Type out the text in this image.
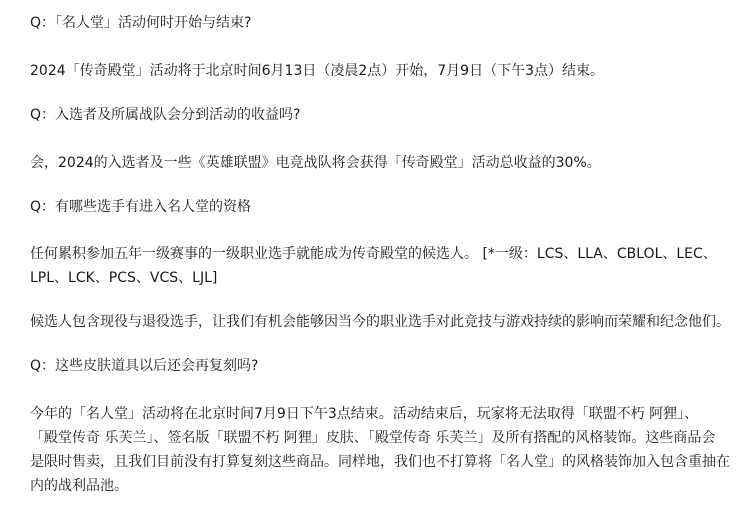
Q：「名人堂」活动何时开始与结束?
2024「传奇殿堂」活动将于北京时间6月13日（凌晨2点）开始，7月9日（下午3点）结束。
Q：入选者及所属战队会分到活动的收益吗?
会，2024的入选者及一些《英雄联盟》电竞战队将会获得「传奇殿堂」活动总收益的30%。
Q：有哪些选手有进入名人堂的资格
任何累积参加五年一级赛事的一级职业选手就能成为传奇殿堂的候选人。 [*一级：LCS、LLA、CBLOL、LEC、
LPL、LCK、PCS、VCS、LJL]
候选人包含现役与退役选手，让我们有机会能够因当今的职业选手对此竞技与游戏持续的影响而荣耀和纪念他们。
Q：这些皮肤道具以后还会再复刻吗?
今年的「名人堂」活动将在北京时间7月9日下午3点结束。活动结束后，玩家将无法取得「联盟不朽 阿狸」、
「殿堂传奇 乐芙兰」、签名版「联盟不朽 阿狸」皮肤、「殿堂传奇 乐芙兰」及所有搭配的风格装饰。这些商品会
是限时售卖，且我们目前没有打算复刻这些商品。同样地，我们也不打算将「名人堂」的风格装饰加入包含重抽在
内的战利品池。
